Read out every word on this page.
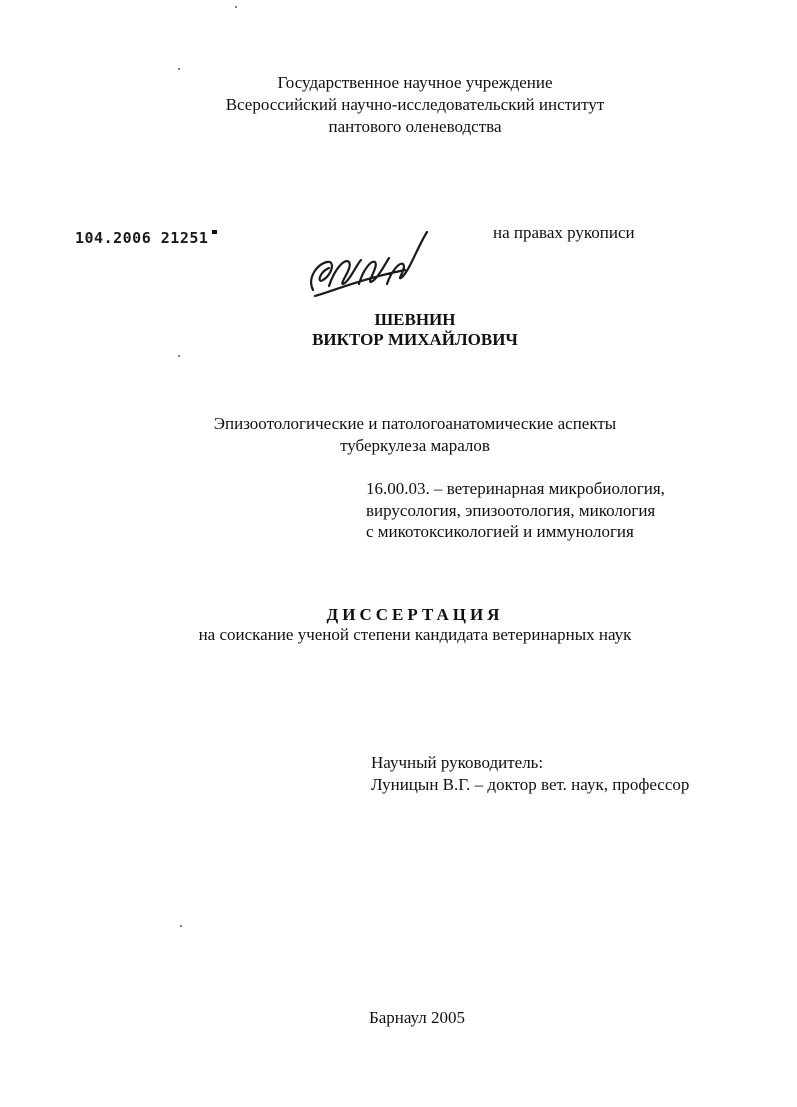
Государственное научное учреждение
Всероссийский научно-исследовательский институт
пантового оленеводства
104.2006 21251	на правах рукописи
ШЕВНИН
ВИКТОР МИХАЙЛОВИЧ
Эпизоотологические и патологоанатомические аспекты
туберкулеза маралов
16.00.03. – ветеринарная микробиология,
вирусология, эпизоотология, микология
с микотоксикологией и иммунология
ДИССЕРТАЦИЯ
на соискание ученой степени кандидата ветеринарных наук
Научный руководитель:
Луницын В.Г. – доктор вет. наук, профессор
Барнаул 2005
